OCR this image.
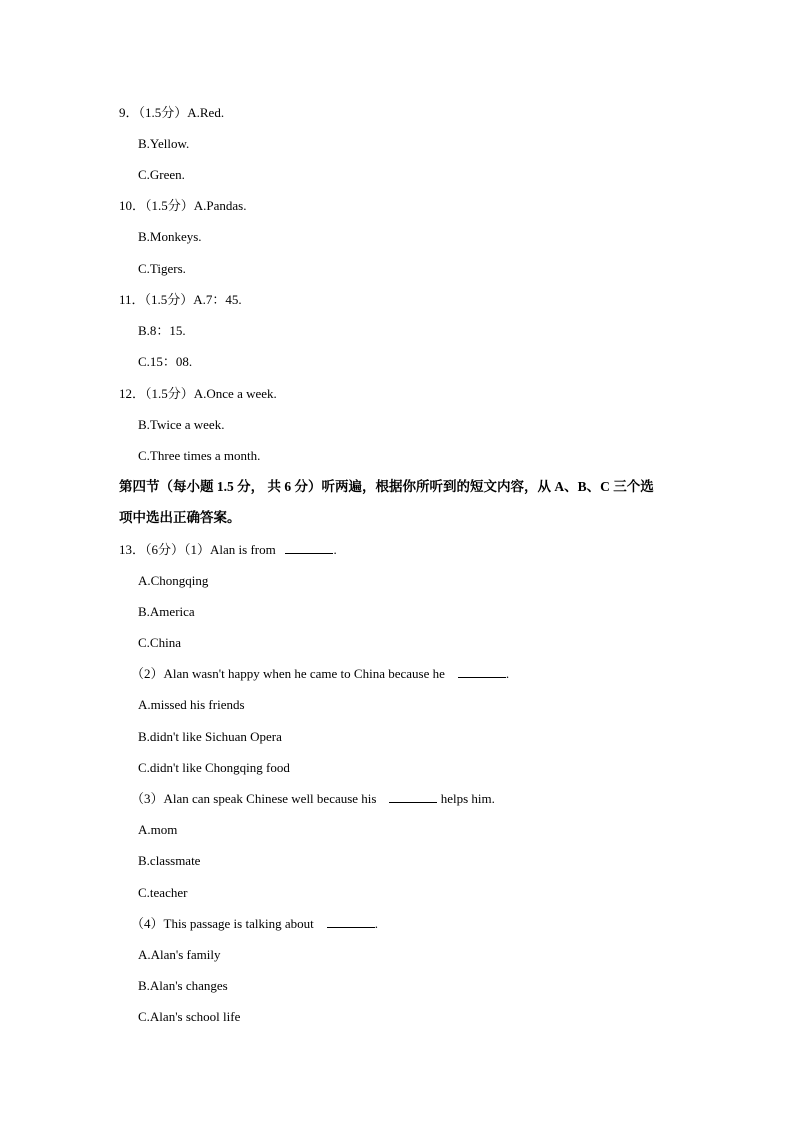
9．（1.5分）A.Red.
B.Yellow.
C.Green.
10．（1.5分）A.Pandas.
B.Monkeys.
C.Tigers.
11．（1.5分）A.7：45.
B.8：15.
C.15：08.
12．（1.5分）A.Once a week.
B.Twice a week.
C.Three times a month.
第四节（每小题 1.5 分， 共 6 分）听两遍，根据你所听到的短文内容，从 A、B、C 三个选
项中选出正确答案。
13．（6分）（1）Alan is from	.
A.Chongqing
B.America
C.China
（2）Alan wasn't happy when he came to China because he	.
A.missed his friends
B.didn't like Sichuan Opera
C.didn't like Chongqing food
（3）Alan can speak Chinese well because his	helps him.
A.mom
B.classmate
C.teacher
（4）This passage is talking about	.
A.Alan's family
B.Alan's changes
C.Alan's school life
